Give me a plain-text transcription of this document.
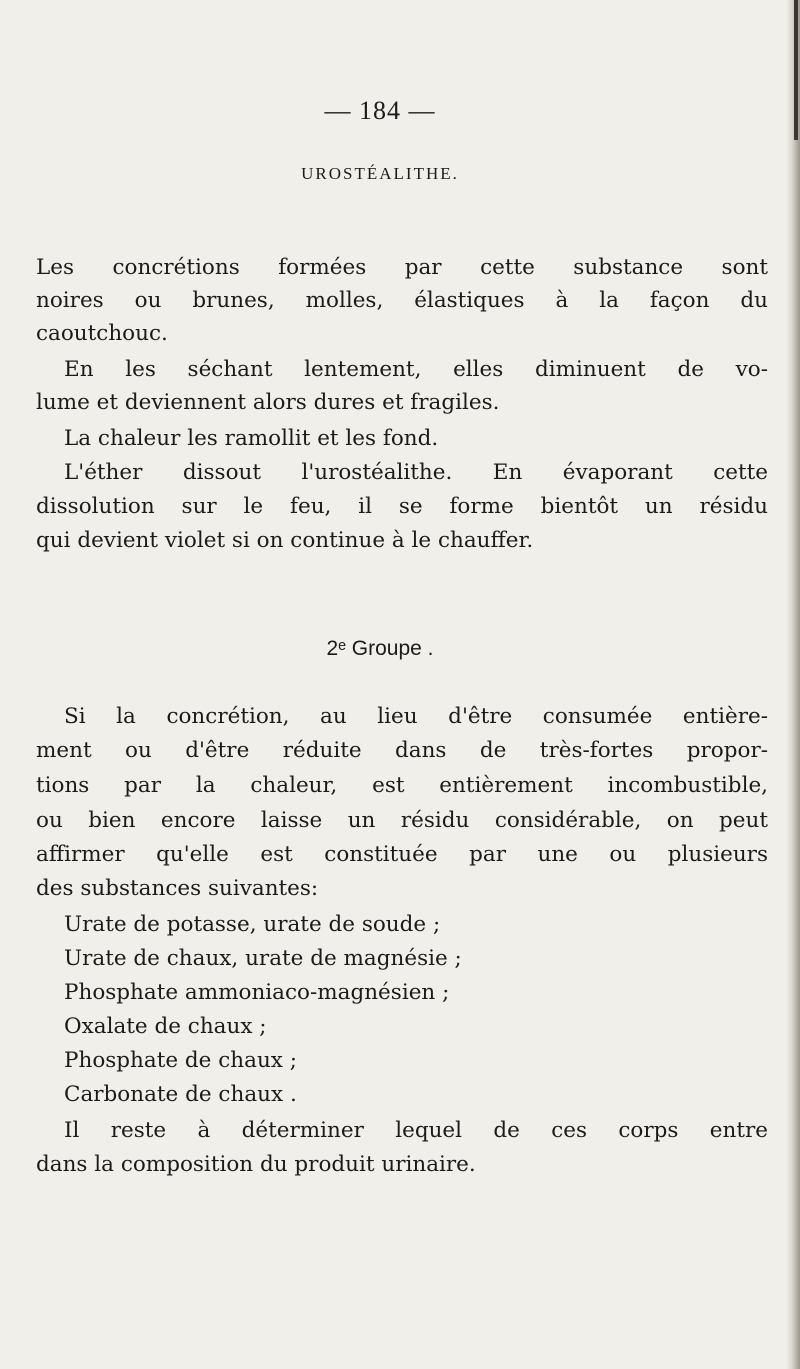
— 184 —
UROSTÉALITHE.
Les concrétions formées par cette substance sont
noires ou brunes, molles, élastiques à la façon du
caoutchouc.
En les séchant lentement, elles diminuent de vo-
lume et deviennent alors dures et fragiles.
La chaleur les ramollit et les fond.
L'éther dissout l'urostéalithe. En évaporant cette
dissolution sur le feu, il se forme bientôt un résidu
qui devient violet si on continue à le chauffer.
2ᵉ Groupe .
Si la concrétion, au lieu d'être consumée entière-
ment ou d'être réduite dans de très-fortes propor-
tions par la chaleur, est entièrement incombustible,
ou bien encore laisse un résidu considérable, on peut
affirmer qu'elle est constituée par une ou plusieurs
des substances suivantes:
Urate de potasse, urate de soude ;
Urate de chaux, urate de magnésie ;
Phosphate ammoniaco-magnésien ;
Oxalate de chaux ;
Phosphate de chaux ;
Carbonate de chaux .
Il reste à déterminer lequel de ces corps entre
dans la composition du produit urinaire.
